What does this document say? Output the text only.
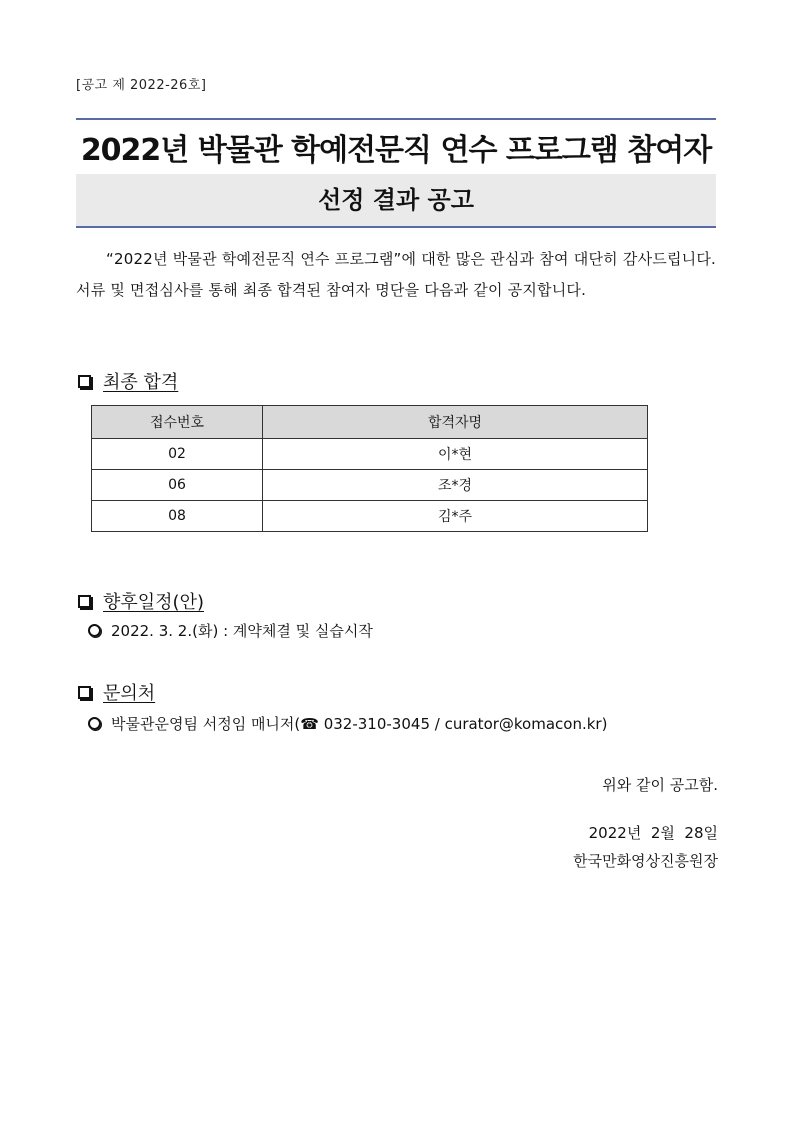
[공고 제 2022-26호]
2022년 박물관 학예전문직 연수 프로그램 참여자
선정 결과 공고
“2022년 박물관 학예전문직 연수 프로그램”에 대한 많은 관심과 참여 대단히 감사드립니다. 서류 및 면접심사를 통해 최종 합격된 참여자 명단을 다음과 같이 공지합니다.
최종 합격
접수번호	합격자명
02	이*현
06	조*경
08	김*주
향후일정(안)
2022. 3. 2.(화) : 계약체결 및 실습시작
문의처
박물관운영팀 서정임 매니저(☎ 032-310-3045 / curator@komacon.kr)
위와 같이 공고함.
2022년  2월  28일
한국만화영상진흥원장
